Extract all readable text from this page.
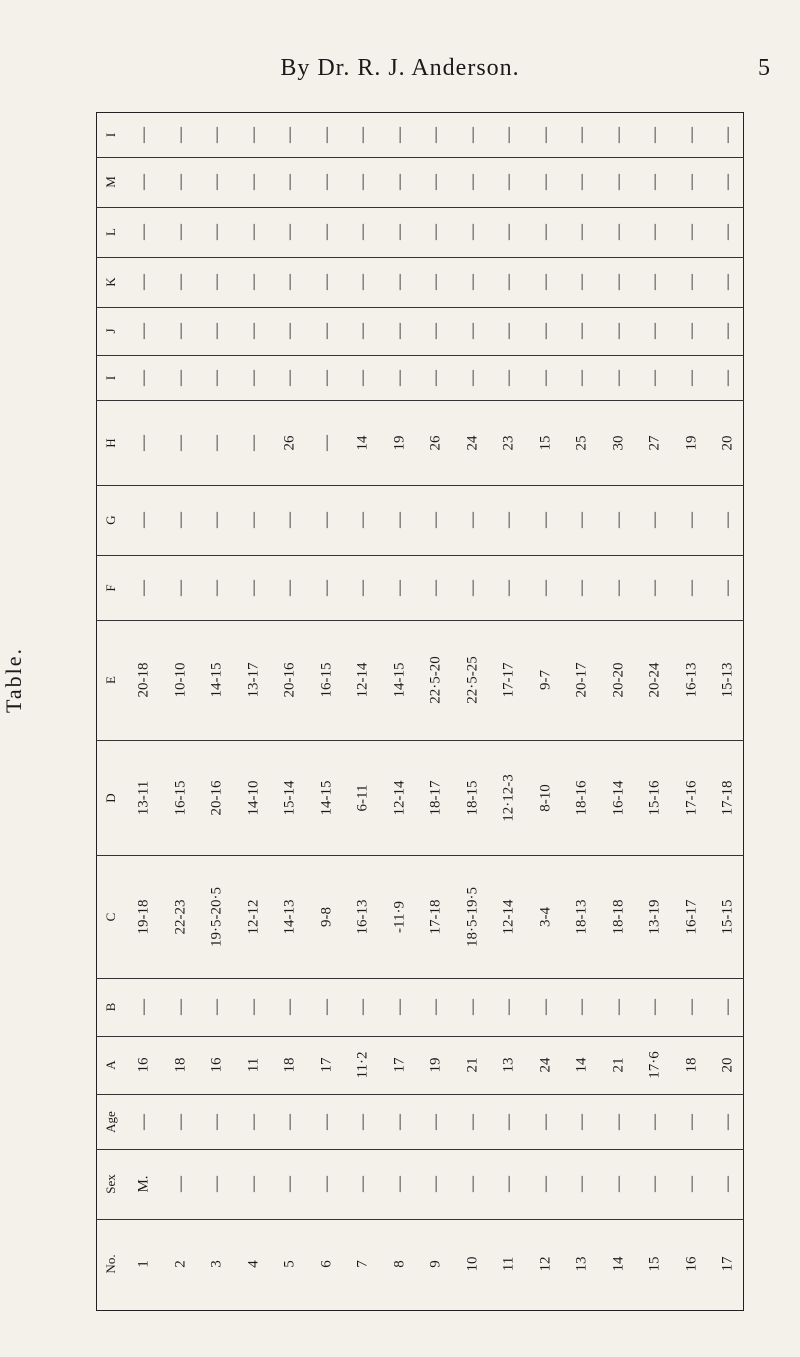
By Dr. R. J. Anderson.	5
Table.
I — — — — — — — — — — — — — — — — —
M — — — — — — — — — — — — — — — — —
L — — — — — — — — — — — — — — — — —
K — — — — — — — — — — — — — — — — —
J — — — — — — — — — — — — — — — — —
I — — — — — — — — — — — — — — — — —
H — — — — 26 — 14 19 26 24 23 15 25 30 27 19 20
G — — — — — — — — — — — — — — — — —
F — — — — — — — — — — — — — — — — —
E 20-18 10-10 14-15 13-17 20-16 16-15 12-14 14-15 22·5-20 22·5-25 17-17 9-7 20-17 20-20 20-24 16-13 15-13
D 13-11 16-15 20-16 14-10 15-14 14-15 6-11 12-14 18-17 18-15 12·12-3 8-10 18-16 16-14 15-16 17-16 17-18
C 19-18 22-23 19·5-20·5 12-12 14-13 9-8 16-13 -11·9 17-18 18·5-19·5 12-14 3-4 18-13 18-18 13-19 16-17 15-15
B — — — — — — — — — — — — — — — — —
A 16 18 16 11 18 17 11·2 17 19 21 13 24 14 21 17·6 18 20
Age — — — — — — — — — — — — — — — — —
Sex M. — — — — — — — — — — — — — — — —
No. 1 2 3 4 5 6 7 8 9 10 11 12 13 14 15 16 17
